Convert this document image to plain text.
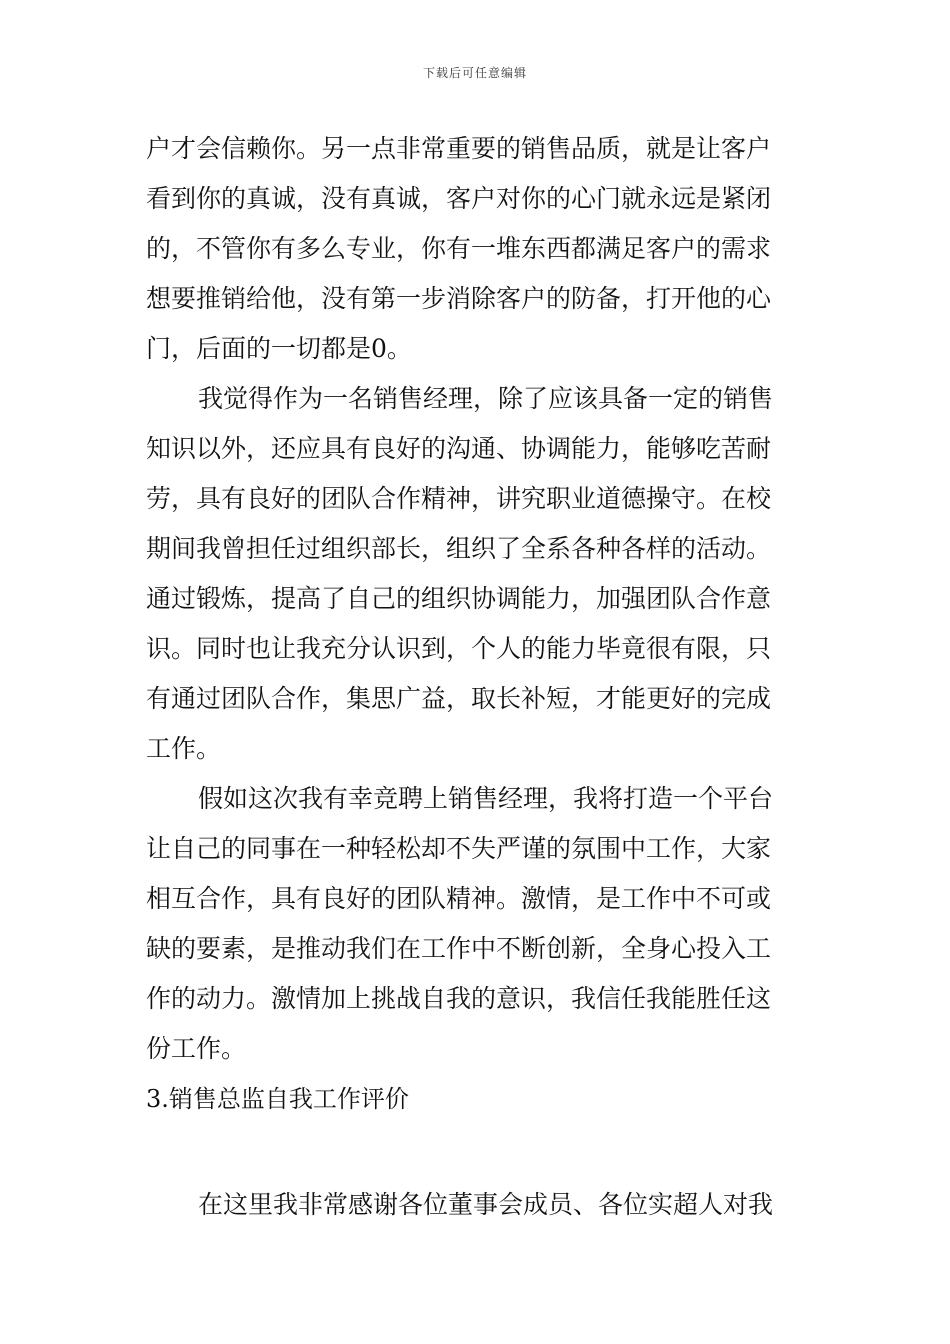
下载后可任意编辑
户才会信赖你。另一点非常重要的销售品质，就是让客户
看到你的真诚，没有真诚，客户对你的心门就永远是紧闭
的，不管你有多么专业，你有一堆东西都满足客户的需求
想要推销给他，没有第一步消除客户的防备，打开他的心
门，后面的一切都是0。
我觉得作为一名销售经理，除了应该具备一定的销售
知识以外，还应具有良好的沟通、协调能力，能够吃苦耐
劳，具有良好的团队合作精神，讲究职业道德操守。在校
期间我曾担任过组织部长，组织了全系各种各样的活动。
通过锻炼，提高了自己的组织协调能力，加强团队合作意
识。同时也让我充分认识到，个人的能力毕竟很有限，只
有通过团队合作，集思广益，取长补短，才能更好的完成
工作。
假如这次我有幸竞聘上销售经理，我将打造一个平台
让自己的同事在一种轻松却不失严谨的氛围中工作，大家
相互合作，具有良好的团队精神。激情，是工作中不可或
缺的要素，是推动我们在工作中不断创新，全身心投入工
作的动力。激情加上挑战自我的意识，我信任我能胜任这
份工作。
3.销售总监自我工作评价
在这里我非常感谢各位董事会成员、各位实超人对我
